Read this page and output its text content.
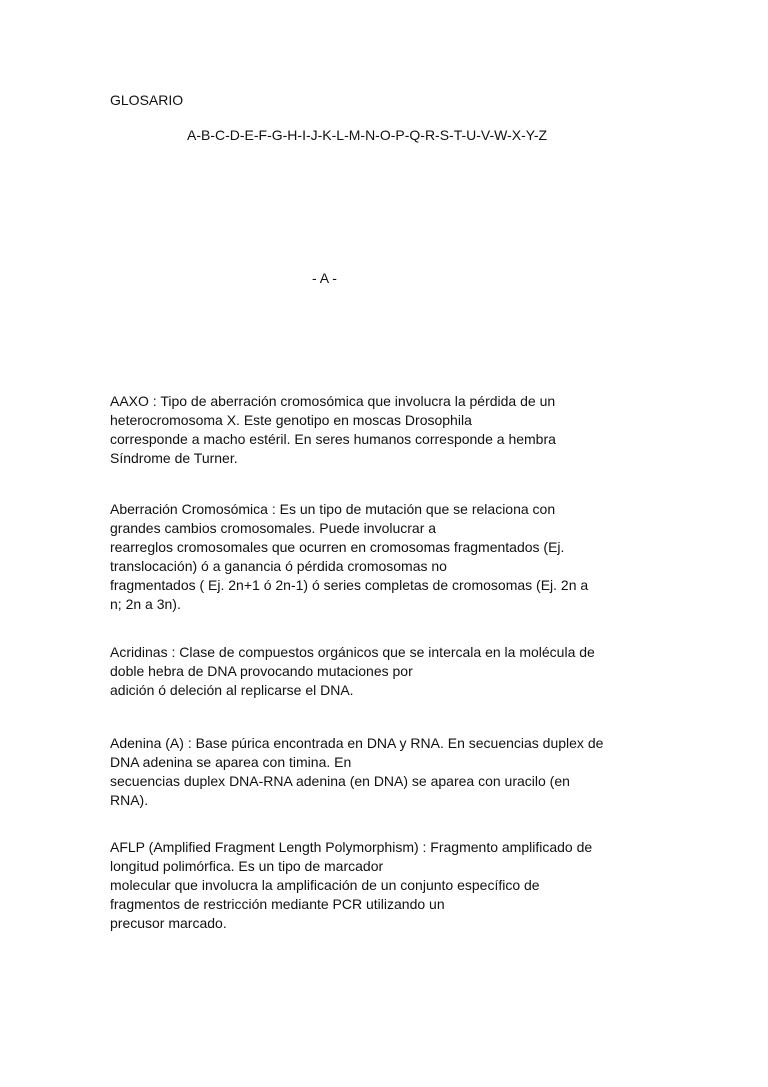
GLOSARIO
A-B-C-D-E-F-G-H-I-J-K-L-M-N-O-P-Q-R-S-T-U-V-W-X-Y-Z
- A -
AAXO : Tipo de aberración cromosómica que involucra la pérdida de un
heterocromosoma X. Este genotipo en moscas Drosophila
corresponde a macho estéril. En seres humanos corresponde a hembra
Síndrome de Turner.
Aberración Cromosómica : Es un tipo de mutación que se relaciona con
grandes cambios cromosomales. Puede involucrar a
rearreglos cromosomales que ocurren en cromosomas fragmentados (Ej.
translocación) ó a ganancia ó pérdida cromosomas no
fragmentados ( Ej. 2n+1 ó 2n-1) ó series completas de cromosomas (Ej. 2n a
n; 2n a 3n).
Acridinas : Clase de compuestos orgánicos que se intercala en la molécula de
doble hebra de DNA provocando mutaciones por
adición ó deleción al replicarse el DNA.
Adenina (A) : Base púrica encontrada en DNA y RNA. En secuencias duplex de
DNA adenina se aparea con timina. En
secuencias duplex DNA-RNA adenina (en DNA) se aparea con uracilo (en
RNA).
AFLP (Amplified Fragment Length Polymorphism) : Fragmento amplificado de
longitud polimórfica. Es un tipo de marcador
molecular que involucra la amplificación de un conjunto específico de
fragmentos de restricción mediante PCR utilizando un
precusor marcado.
